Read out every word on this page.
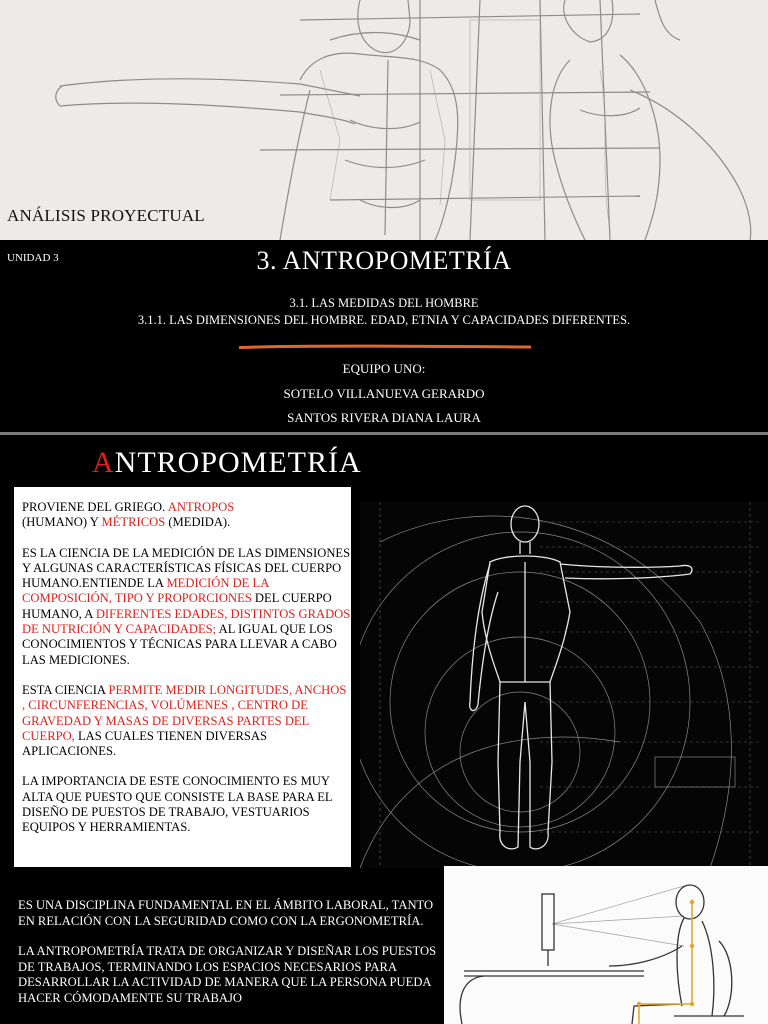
ANÁLISIS PROYECTUAL
UNIDAD 3	3. ANTROPOMETRÍA
3.1. LAS MEDIDAS DEL HOMBRE
3.1.1. LAS DIMENSIONES DEL HOMBRE. EDAD, ETNIA Y CAPACIDADES DIFERENTES.
EQUIPO UNO:
SOTELO VILLANUEVA GERARDO
SANTOS RIVERA DIANA LAURA
ANTROPOMETRÍA

PROVIENE DEL GRIEGO. ANTROPOS
(HUMANO) Y MÉTRICOS (MEDIDA).

ES LA CIENCIA DE LA MEDICIÓN DE LAS DIMENSIONES Y ALGUNAS CARACTERÍSTICAS FÍSICAS DEL CUERPO HUMANO.ENTIENDE LA MEDICIÓN DE LA COMPOSICIÓN, TIPO Y PROPORCIONES DEL CUERPO HUMANO, A DIFERENTES EDADES, DISTINTOS GRADOS DE NUTRICIÓN Y CAPACIDADES; AL IGUAL QUE LOS CONOCIMIENTOS Y TÉCNICAS PARA LLEVAR A CABO LAS MEDICIONES.

ESTA CIENCIA PERMITE MEDIR LONGITUDES, ANCHOS , CIRCUNFERENCIAS, VOLÚMENES , CENTRO DE GRAVEDAD Y MASAS DE DIVERSAS PARTES DEL CUERPO, LAS CUALES TIENEN DIVERSAS APLICACIONES.

LA IMPORTANCIA DE ESTE CONOCIMIENTO ES MUY ALTA QUE PUESTO QUE CONSISTE LA BASE PARA EL DISEÑO DE PUESTOS DE TRABAJO, VESTUARIOS EQUIPOS Y HERRAMIENTAS.

ES UNA DISCIPLINA FUNDAMENTAL EN EL ÁMBITO LABORAL, TANTO EN RELACIÓN CON LA SEGURIDAD COMO CON LA ERGONOMETRÍA.

LA ANTROPOMETRÍA TRATA DE ORGANIZAR Y DISEÑAR LOS PUESTOS DE TRABAJOS, TERMINANDO LOS ESPACIOS NECESARIOS PARA DESARROLLAR LA ACTIVIDAD DE MANERA QUE LA PERSONA PUEDA HACER CÓMODAMENTE SU TRABAJO
